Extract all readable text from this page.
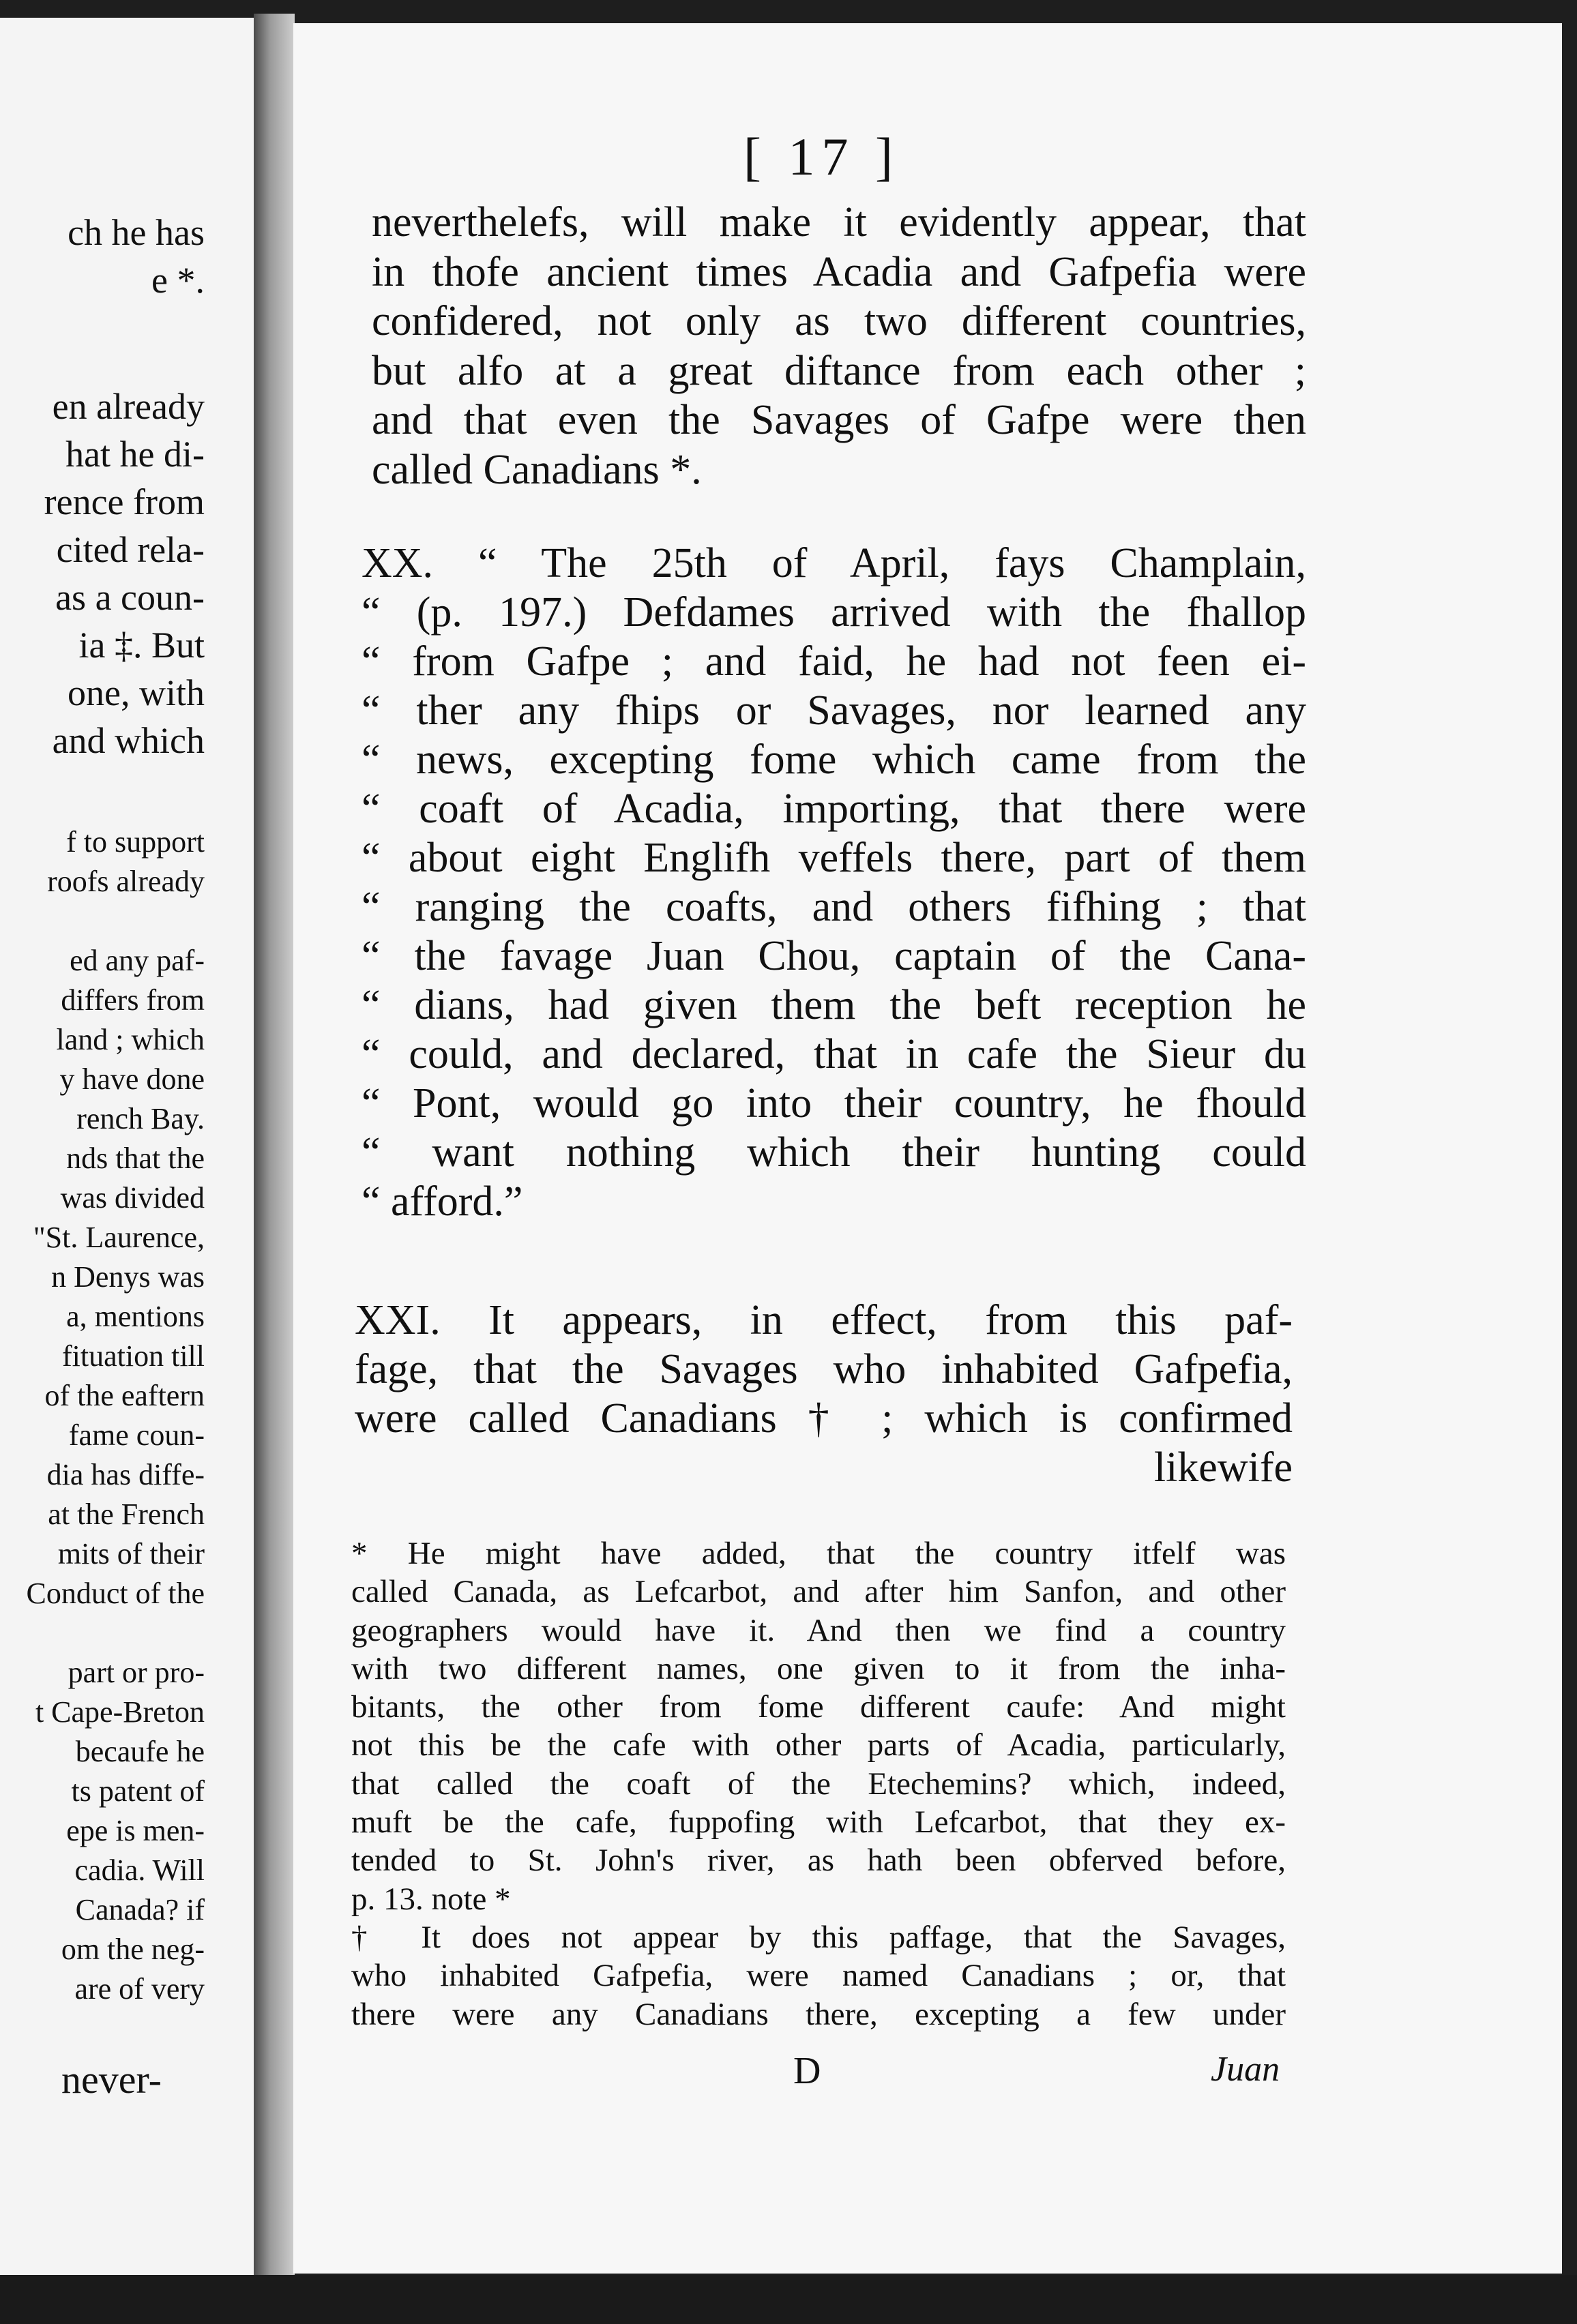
ch he has
e *.
en already
hat he di-
rence from
cited rela-
as a coun-
ia ‡. But
one, with
and which
f to support
roofs already

ed any paf-
differs from
land ; which
y have done
rench Bay.
nds that the
was divided
"St. Laurence,
n Denys was
a, mentions
fituation till
of the eaftern
fame coun-
dia has diffe-
at the French
mits of their
Conduct of the

part or pro-
t Cape-Breton
becaufe he
ts patent of
epe is men-
cadia. Will
Canada? if
om the neg-
are of very
never-
[ 17 ]
neverthelefs, will make it evidently appear, that
in thofe ancient times Acadia and Gafpefia were
confidered, not only as two different countries,
but alfo at a great diftance from each other ;
and that even the Savages of Gafpe were then
called Canadians *.
XX. “ The 25th of April, fays Champlain,
“ (p. 197.) Defdames arrived with the fhallop
“ from Gafpe ; and faid, he had not feen ei-
“ ther any fhips or Savages, nor learned any
“ news, excepting fome which came from the
“ coaft of Acadia, importing, that there were
“ about eight Englifh veffels there, part of them
“ ranging the coafts, and others fifhing ; that
“ the favage Juan Chou, captain of the Cana-
“ dians, had given them the beft reception he
“ could, and declared, that in cafe the Sieur du
“ Pont, would go into their country, he fhould
“ want nothing which their hunting could
“ afford.”
XXI. It appears, in effect, from this paf-
fage, that the Savages who inhabited Gafpefia,
were called Canadians † ; which is confirmed
likewife
* He might have added, that the country itfelf was
called Canada, as Lefcarbot, and after him Sanfon, and other
geographers would have it. And then we find a country
with two different names, one given to it from the inha-
bitants, the other from fome different caufe: And might
not this be the cafe with other parts of Acadia, particularly,
that called the coaft of the Etechemins? which, indeed,
muft be the cafe, fuppofing with Lefcarbot, that they ex-
tended to St. John's river, as hath been obferved before,
p. 13. note *
† It does not appear by this paffage, that the Savages,
who inhabited Gafpefia, were named Canadians ; or, that
there were any Canadians there, excepting a few under
D	Juan
